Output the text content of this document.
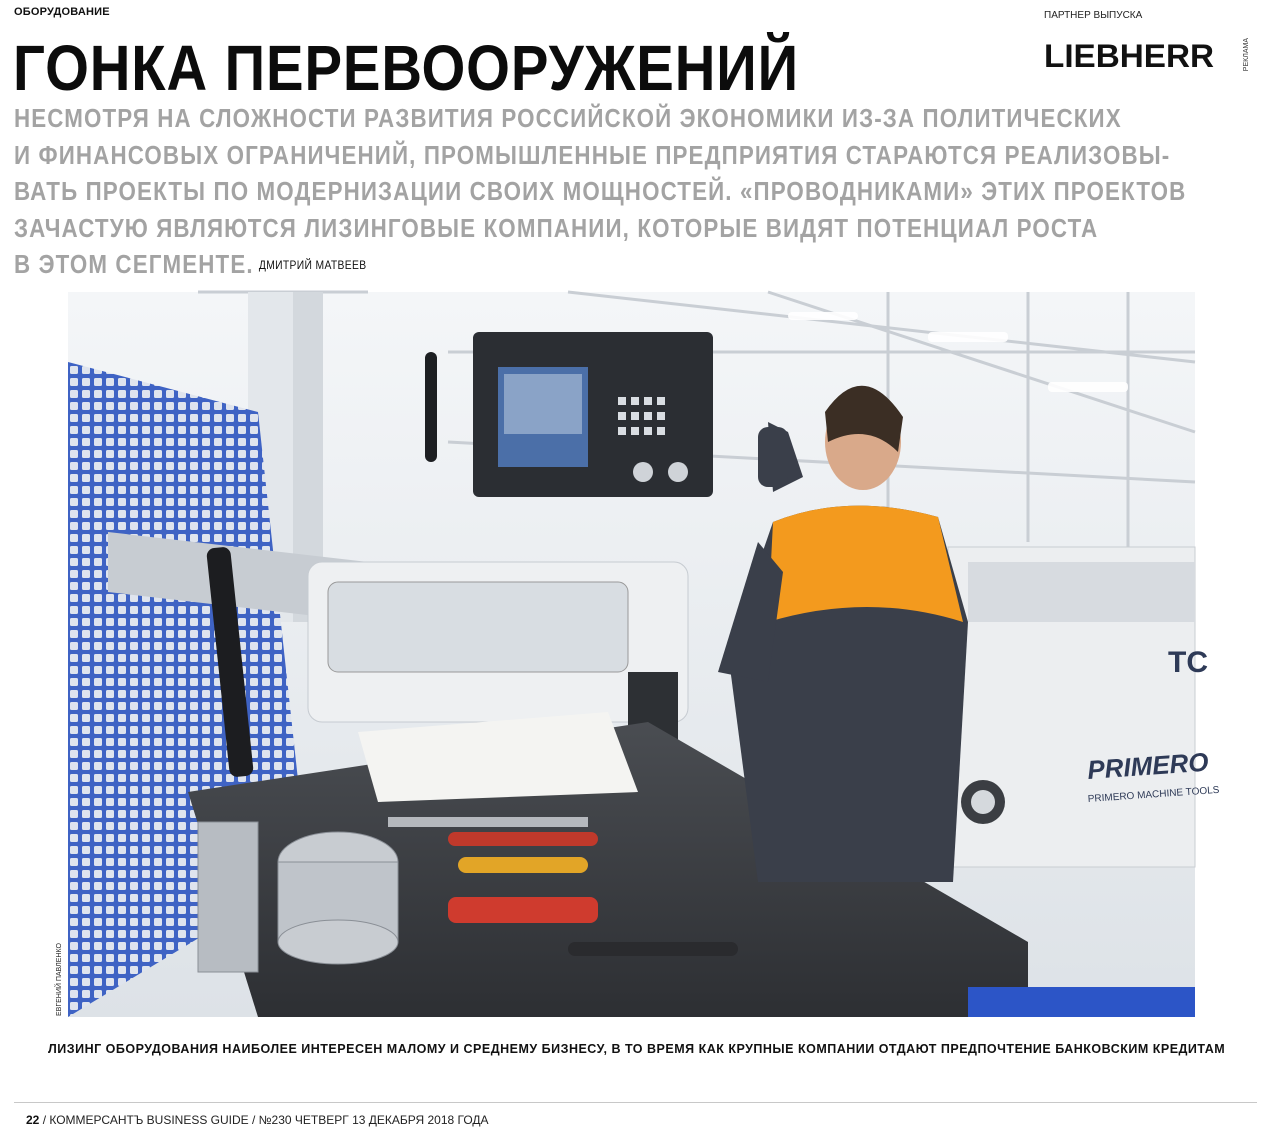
ОБОРУДОВАНИЕ	ПАРТНЕР ВЫПУСКА
LIEBHERR	РЕКЛАМА
ГОНКА ПЕРЕВООРУЖЕНИЙ
НЕСМОТРЯ НА СЛОЖНОСТИ РАЗВИТИЯ РОССИЙСКОЙ ЭКОНОМИКИ ИЗ-ЗА ПОЛИТИЧЕСКИХ
И ФИНАНСОВЫХ ОГРАНИЧЕНИЙ, ПРОМЫШЛЕННЫЕ ПРЕДПРИЯТИЯ СТАРАЮТСЯ РЕАЛИЗОВЫ-
ВАТЬ ПРОЕКТЫ ПО МОДЕРНИЗАЦИИ СВОИХ МОЩНОСТЕЙ. «ПРОВОДНИКАМИ» ЭТИХ ПРОЕКТОВ
ЗАЧАСТУЮ ЯВЛЯЮТСЯ ЛИЗИНГОВЫЕ КОМПАНИИ, КОТОРЫЕ ВИДЯТ ПОТЕНЦИАЛ РОСТА
В ЭТОМ СЕГМЕНТЕ. ДМИТРИЙ МАТВЕЕВ
PRIMERO
PRIMERO MACHINE TOOLS
TC
ЕВГЕНИЙ ПАВЛЕНКО
ЛИЗИНГ ОБОРУДОВАНИЯ НАИБОЛЕЕ ИНТЕРЕСЕН МАЛОМУ И СРЕДНЕМУ БИЗНЕСУ, В ТО ВРЕМЯ КАК КРУПНЫЕ КОМПАНИИ ОТДАЮТ ПРЕДПОЧТЕНИЕ БАНКОВСКИМ КРЕДИТАМ
22 / КОММЕРСАНТЪ BUSINESS GUIDE / №230 ЧЕТВЕРГ 13 ДЕКАБРЯ 2018 ГОДА
